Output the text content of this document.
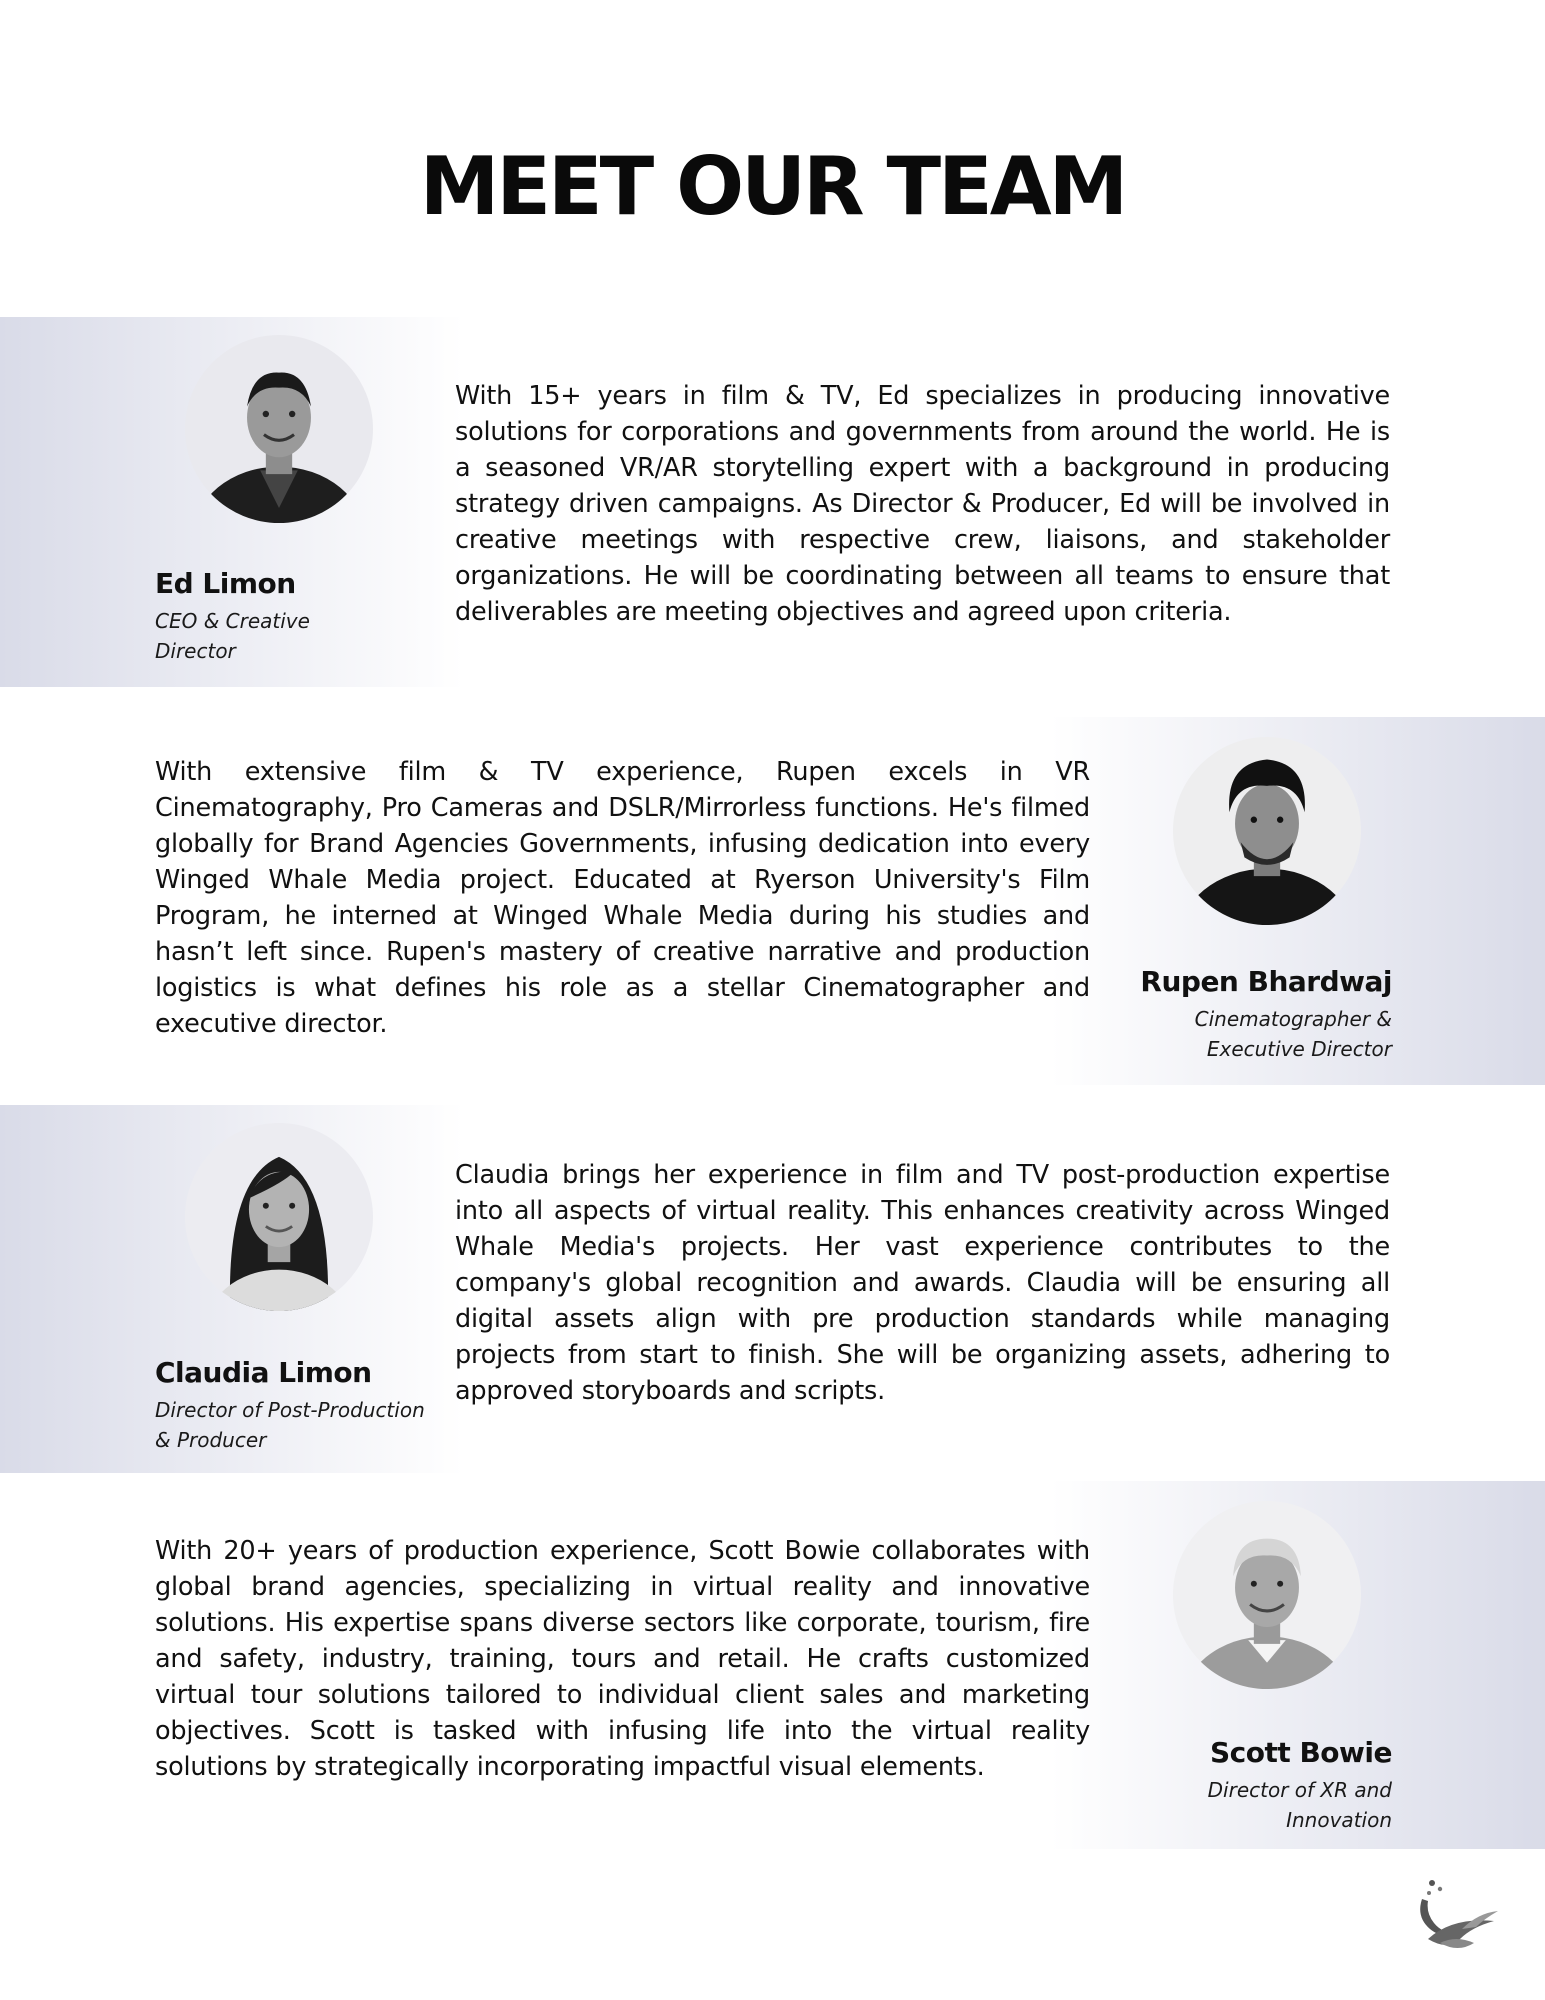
MEET OUR TEAM
Ed Limon
CEO & Creative Director

With 15+ years in film & TV, Ed specializes in producing innovative solutions for corporations and governments from around the world. He is a seasoned VR/AR storytelling expert with a background in producing strategy driven campaigns. As Director & Producer, Ed will be involved in creative meetings with respective crew, liaisons, and stakeholder organizations. He will be coordinating between all teams to ensure that deliverables are meeting objectives and agreed upon criteria.

With extensive film & TV experience, Rupen excels in VR Cinematography, Pro Cameras and DSLR/Mirrorless functions. He's filmed globally for Brand Agencies Governments, infusing dedication into every Winged Whale Media project. Educated at Ryerson University's Film Program, he interned at Winged Whale Media during his studies and hasn’t left since. Rupen's mastery of creative narrative and production logistics is what defines his role as a stellar Cinematographer and executive director.

Rupen Bhardwaj
Cinematographer & Executive Director
Claudia Limon
Director of Post-Production & Producer

Claudia brings her experience in film and TV post-production expertise into all aspects of virtual reality. This enhances creativity across Winged Whale Media's projects. Her vast experience contributes to the company's global recognition and awards. Claudia will be ensuring all digital assets align with pre production standards while managing projects from start to finish. She will be organizing assets, adhering to approved storyboards and scripts.

With 20+ years of production experience, Scott Bowie collaborates with global brand agencies, specializing in virtual reality and innovative solutions. His expertise spans diverse sectors like corporate, tourism, fire and safety, industry, training, tours and retail. He crafts customized virtual tour solutions tailored to individual client sales and marketing objectives. Scott is tasked with infusing life into the virtual reality solutions by strategically incorporating impactful visual elements.	Scott Bowie
Director of XR and Innovation
